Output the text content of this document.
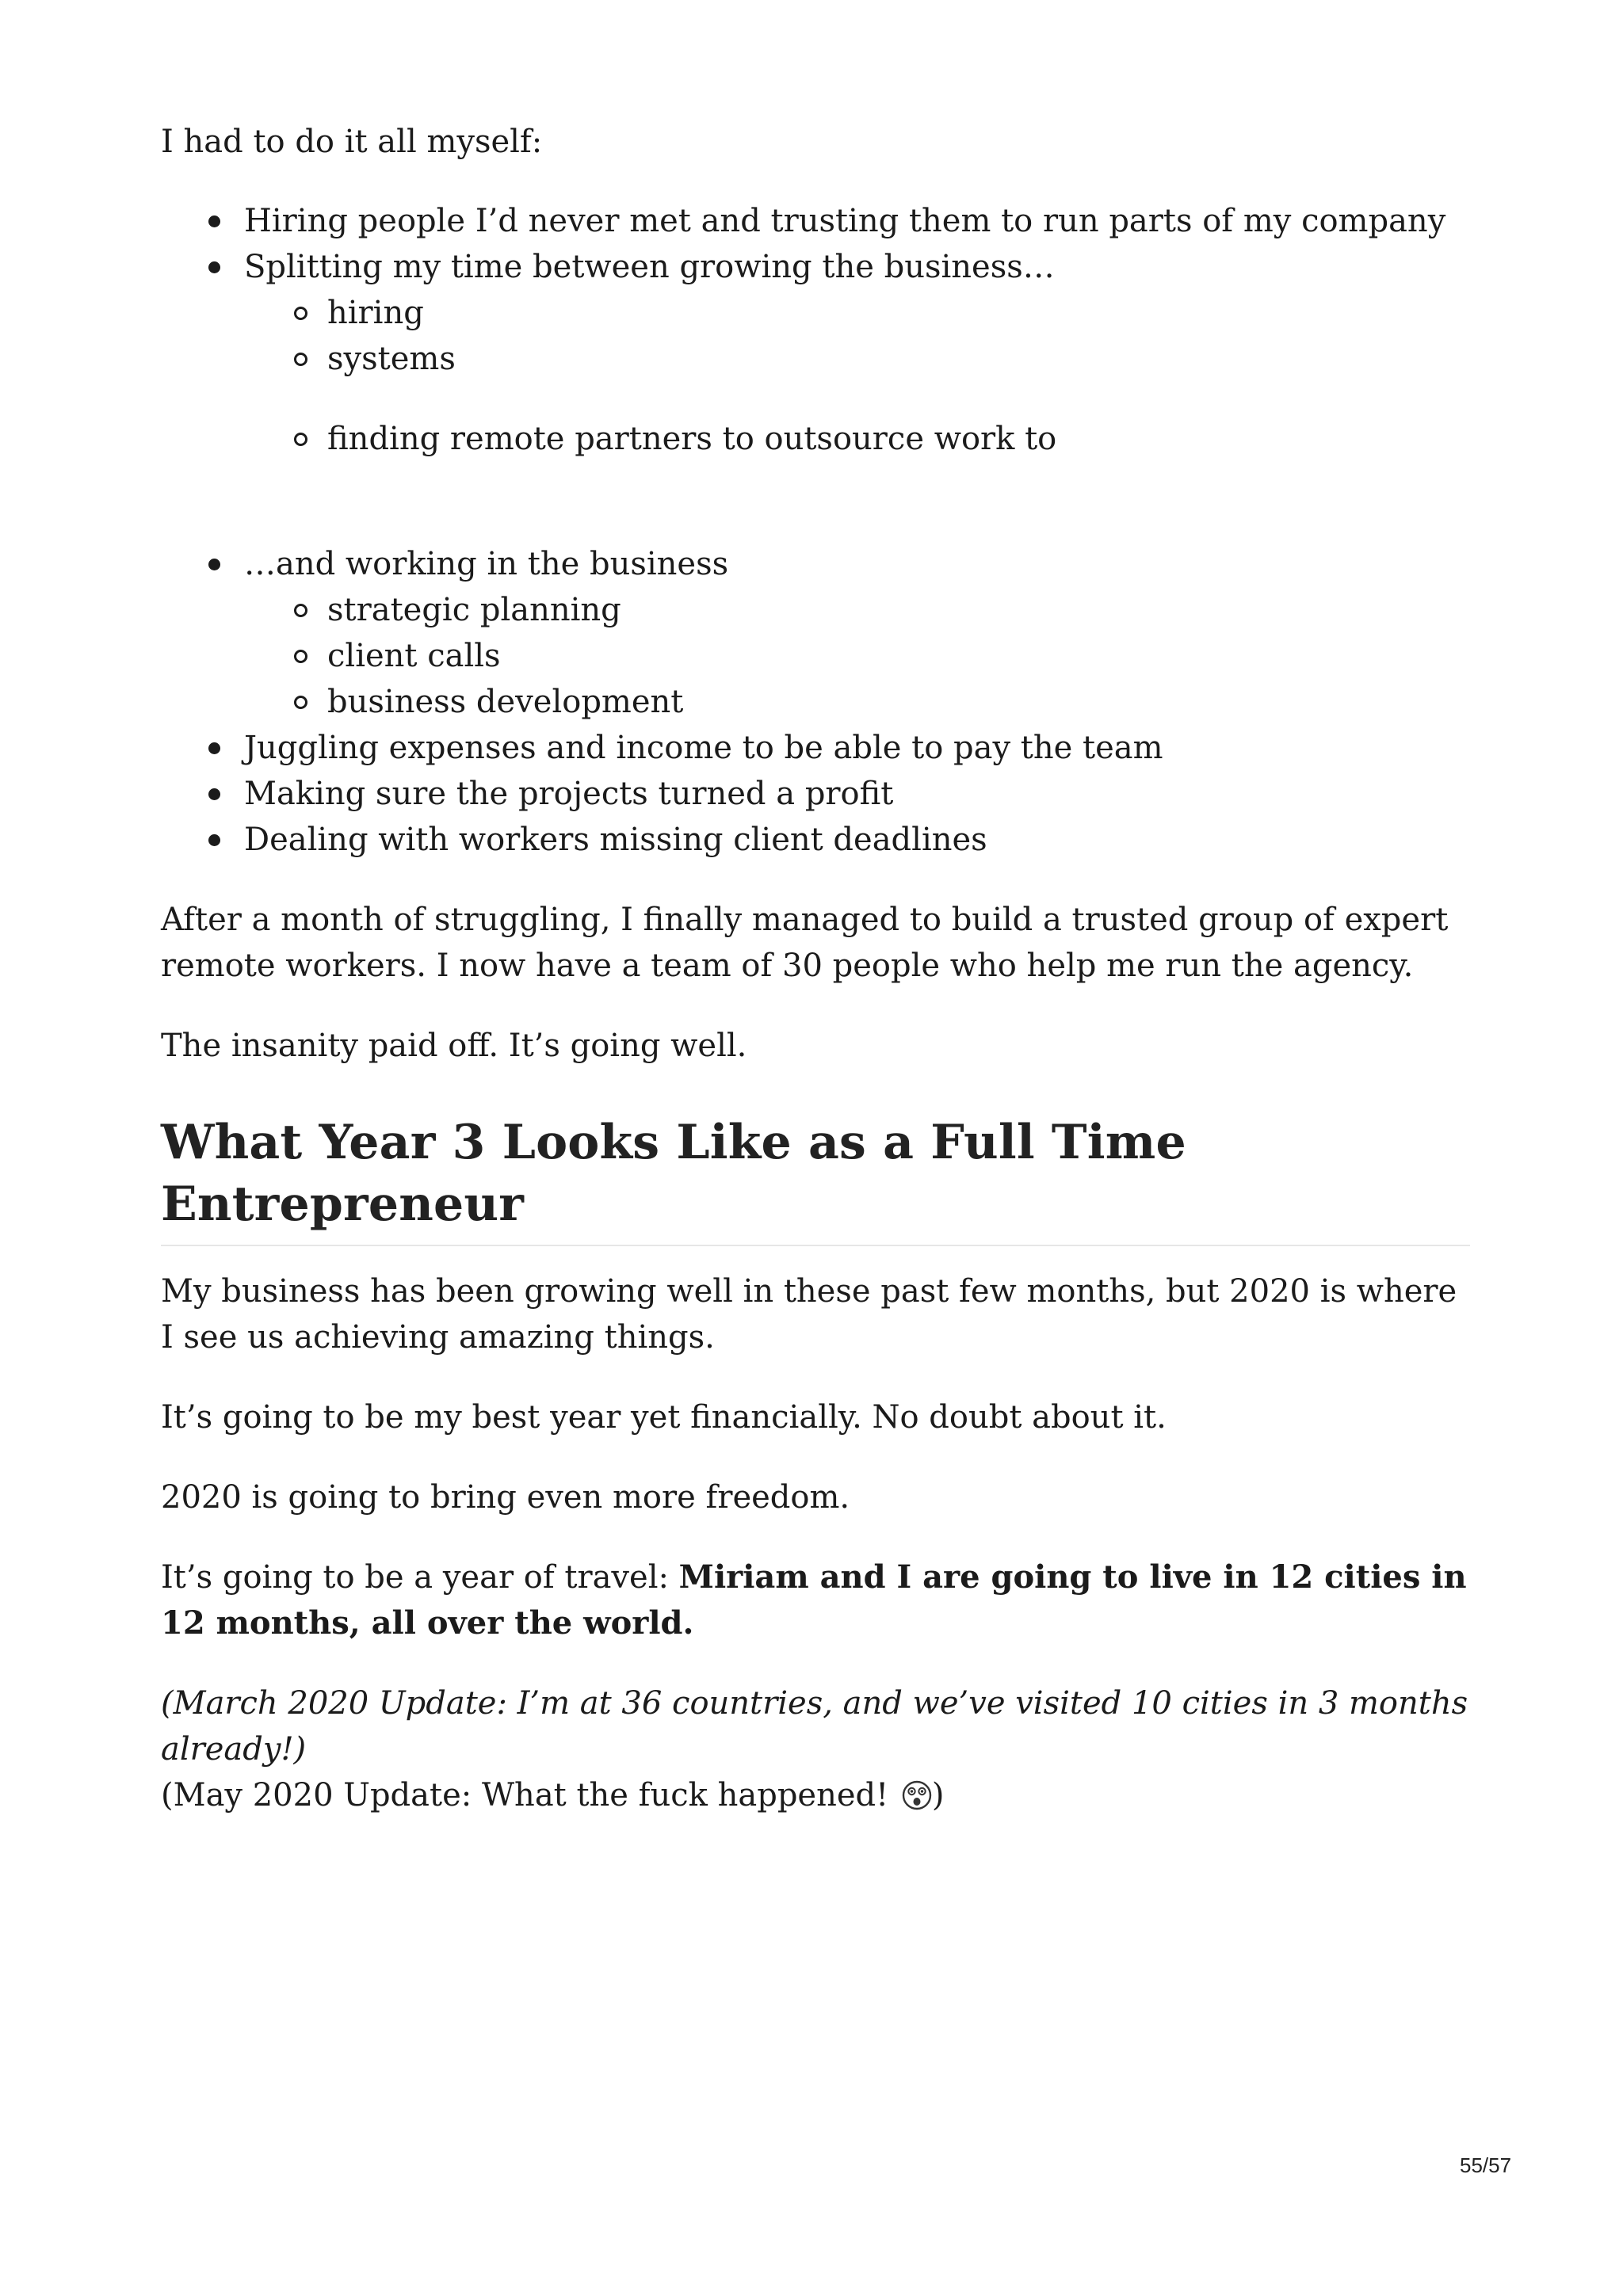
I had to do it all myself:

Hiring people I’d never met and trusting them to run parts of my company
Splitting my time between growing the business…
hiring
systems
finding remote partners to outsource work to
…and working in the business
strategic planning
client calls
business development
Juggling expenses and income to be able to pay the team
Making sure the projects turned a profit
Dealing with workers missing client deadlines

After a month of struggling, I finally managed to build a trusted group of expert remote workers. I now have a team of 30 people who help me run the agency.

The insanity paid off. It’s going well.

What Year 3 Looks Like as a Full Time Entrepreneur

My business has been growing well in these past few months, but 2020 is where I see us achieving amazing things.

It’s going to be my best year yet financially. No doubt about it.

2020 is going to bring even more freedom.

It’s going to be a year of travel: Miriam and I are going to live in 12 cities in 12 months, all over the world.

(March 2020 Update: I’m at 36 countries, and we’ve visited 10 cities in 3 months already!)

(May 2020 Update: What the fuck happened!
)

55/57
